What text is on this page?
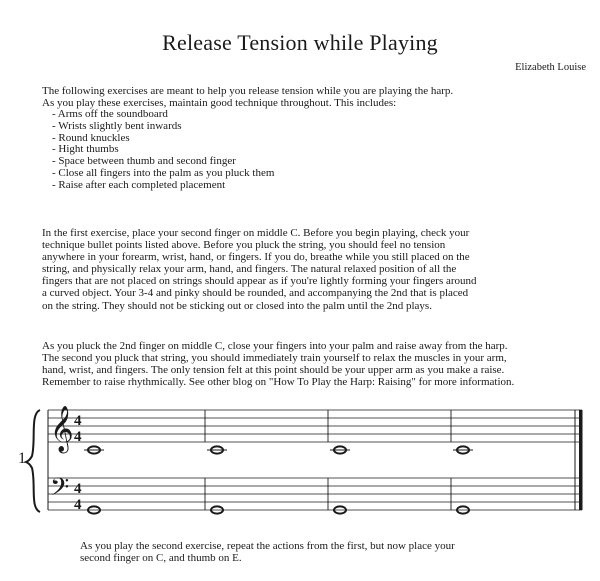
Release Tension while Playing
Elizabeth Louise

The following exercises are meant to help you release tension while you are playing the harp.
As you play these exercises, maintain good technique throughout. This includes:

- Arms off the soundboard
- Wrists slightly bent inwards
- Round knuckles
- Hight thumbs
- Space between thumb and second finger
- Close all fingers into the palm as you pluck them
- Raise after each completed placement

In the first exercise, place your second finger on middle C. Before you begin playing, check your
technique bullet points listed above. Before you pluck the string, you should feel no tension
anywhere in your forearm, wrist, hand, or fingers. If you do, breathe while you still placed on the
string, and physically relax your arm, hand, and fingers. The natural relaxed position of all the
fingers that are not placed on strings should appear as if you're lightly forming your fingers around
a curved object. Your 3-4 and pinky should be rounded, and accompanying the 2nd that is placed
on the string. They should not be sticking out or closed into the palm until the 2nd plays.

As you pluck the 2nd finger on middle C, close your fingers into your palm and raise away from the harp.
The second you pluck that string, you should immediately train yourself to relax the muscles in your arm,
hand, wrist, and fingers. The only tension felt at this point should be your upper arm as you make a raise.
Remember to raise rhythmically. See other blog on "How To Play the Harp: Raising" for more information.

1
𝄞
𝄢
4
4
4
4

As you play the second exercise, repeat the actions from the first, but now place your
second finger on C, and thumb on E.
